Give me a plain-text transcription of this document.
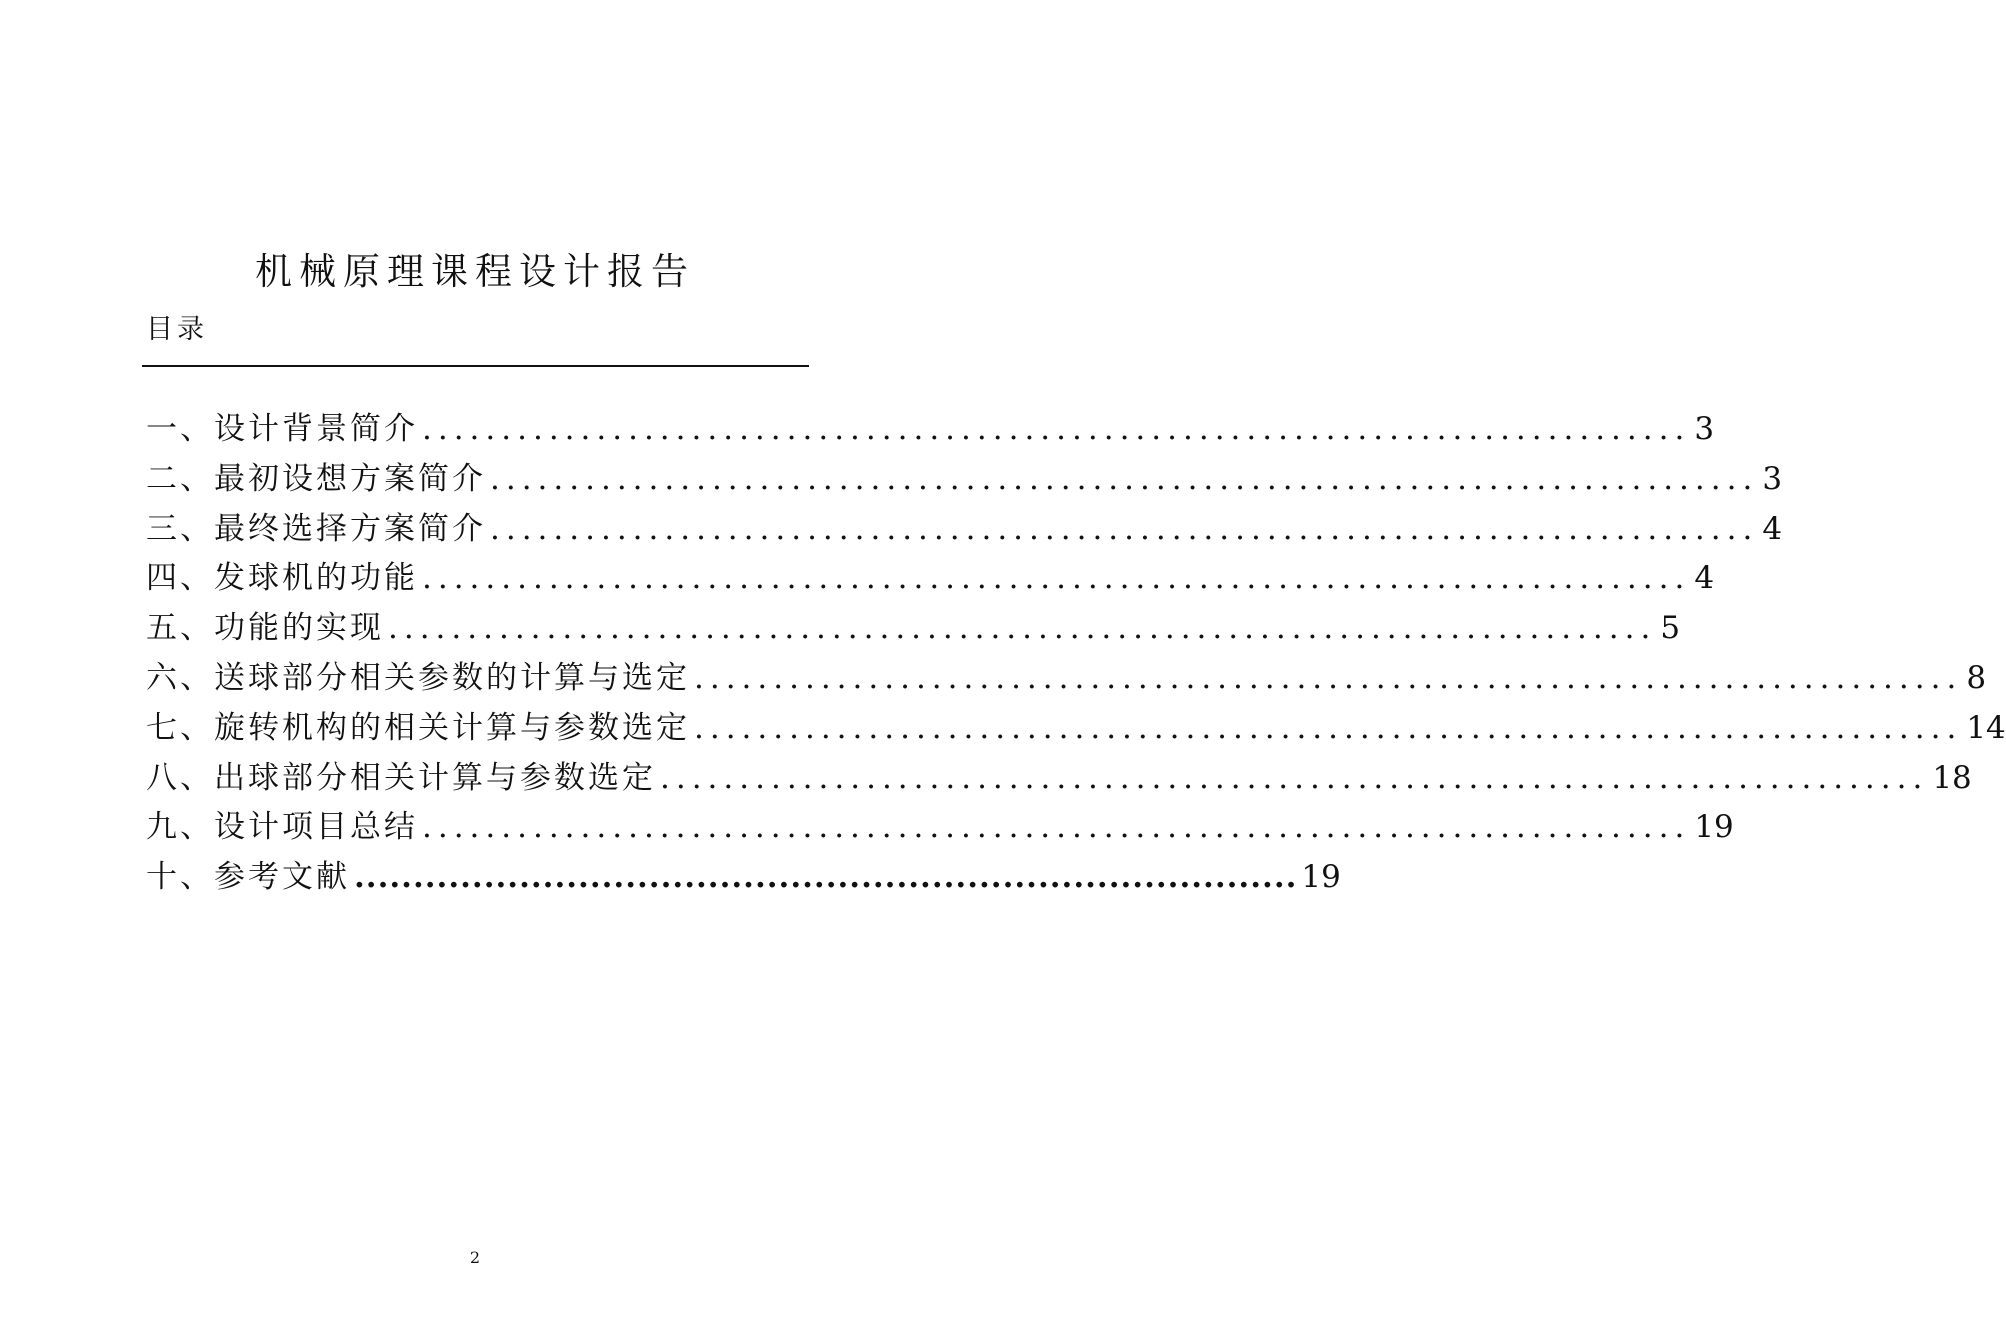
机械原理课程设计报告
目录
一、设计背景简介 ................................................................................ 3
二、最初设想方案简介 ................................................................................ 3
三、最终选择方案简介 ................................................................................ 4
四、发球机的功能 ................................................................................ 4
五、功能的实现 ................................................................................ 5
六、送球部分相关参数的计算与选定 ................................................................................ 8
七、旋转机构的相关计算与参数选定 ................................................................................ 14
八、出球部分相关计算与参数选定 ................................................................................ 18
九、设计项目总结 ................................................................................ 19
十、参考文献 ................................................................................ 19
2
